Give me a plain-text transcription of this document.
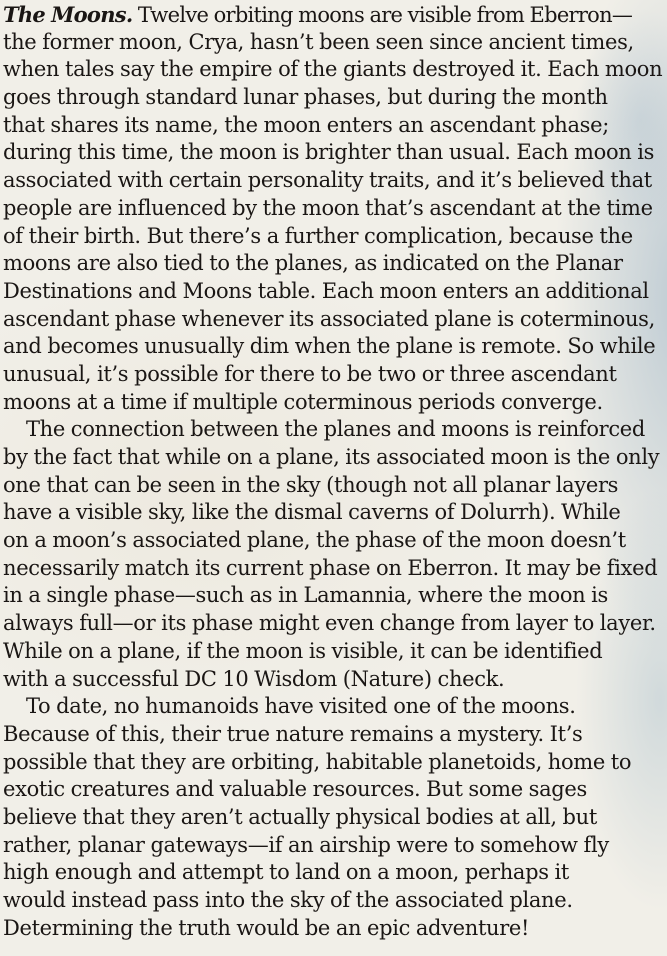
The Moons. Twelve orbiting moons are visible from Eberron—
the former moon, Crya, hasn’t been seen since ancient times,
when tales say the empire of the giants destroyed it. Each moon
goes through standard lunar phases, but during the month
that shares its name, the moon enters an ascendant phase;
during this time, the moon is brighter than usual. Each moon is
associated with certain personality traits, and it’s believed that
people are influenced by the moon that’s ascendant at the time
of their birth. But there’s a further complication, because the
moons are also tied to the planes, as indicated on the Planar
Destinations and Moons table. Each moon enters an additional
ascendant phase whenever its associated plane is coterminous,
and becomes unusually dim when the plane is remote. So while
unusual, it’s possible for there to be two or three ascendant
moons at a time if multiple coterminous periods converge.
The connection between the planes and moons is reinforced
by the fact that while on a plane, its associated moon is the only
one that can be seen in the sky (though not all planar layers
have a visible sky, like the dismal caverns of Dolurrh). While
on a moon’s associated plane, the phase of the moon doesn’t
necessarily match its current phase on Eberron. It may be fixed
in a single phase—such as in Lamannia, where the moon is
always full—or its phase might even change from layer to layer.
While on a plane, if the moon is visible, it can be identified
with a successful DC 10 Wisdom (Nature) check.
To date, no humanoids have visited one of the moons.
Because of this, their true nature remains a mystery. It’s
possible that they are orbiting, habitable planetoids, home to
exotic creatures and valuable resources. But some sages
believe that they aren’t actually physical bodies at all, but
rather, planar gateways—if an airship were to somehow fly
high enough and attempt to land on a moon, perhaps it
would instead pass into the sky of the associated plane.
Determining the truth would be an epic adventure!
